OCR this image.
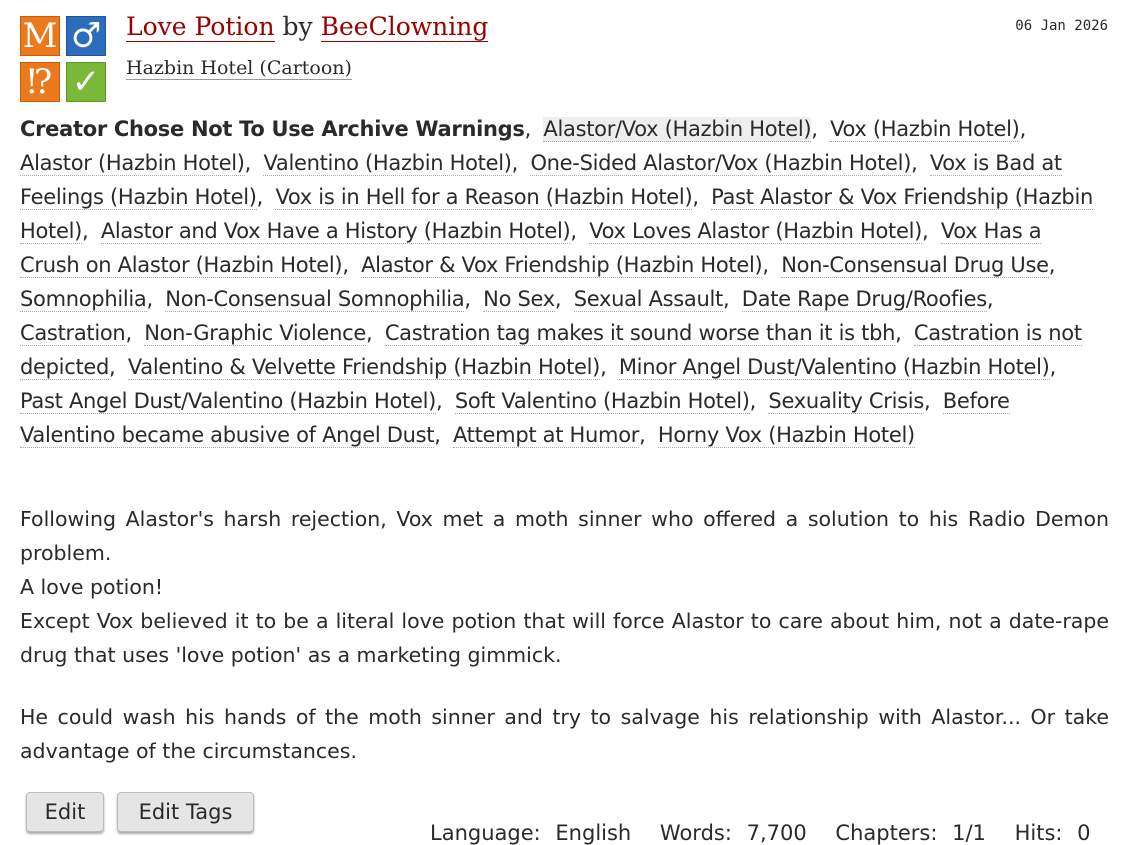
M ♂
⁉ ✓
Love Potion by BeeClowning
Hazbin Hotel (Cartoon)
06 Jan 2026
Creator Chose Not To Use Archive Warnings, Alastor/Vox (Hazbin Hotel), Vox (Hazbin Hotel), Alastor (Hazbin Hotel), Valentino (Hazbin Hotel), One-Sided Alastor/Vox (Hazbin Hotel), Vox is Bad at Feelings (Hazbin Hotel), Vox is in Hell for a Reason (Hazbin Hotel), Past Alastor & Vox Friendship (Hazbin Hotel), Alastor and Vox Have a History (Hazbin Hotel), Vox Loves Alastor (Hazbin Hotel), Vox Has a Crush on Alastor (Hazbin Hotel), Alastor & Vox Friendship (Hazbin Hotel), Non-Consensual Drug Use, Somnophilia, Non-Consensual Somnophilia, No Sex, Sexual Assault, Date Rape Drug/Roofies, Castration, Non-Graphic Violence, Castration tag makes it sound worse than it is tbh, Castration is not depicted, Valentino & Velvette Friendship (Hazbin Hotel), Minor Angel Dust/Valentino (Hazbin Hotel), Past Angel Dust/Valentino (Hazbin Hotel), Soft Valentino (Hazbin Hotel), Sexuality Crisis, Before Valentino became abusive of Angel Dust, Attempt at Humor, Horny Vox (Hazbin Hotel)

Following Alastor's harsh rejection, Vox met a moth sinner who offered a solution to his Radio Demon problem.

A love potion!

Except Vox believed it to be a literal love potion that will force Alastor to care about him, not a date-rape drug that uses 'love potion' as a marketing gimmick.

He could wash his hands of the moth sinner and try to salvage his relationship with Alastor... Or take advantage of the circumstances.

Edit	Edit Tags
Language: English Words: 7,700 Chapters: 1/1 Hits: 0
